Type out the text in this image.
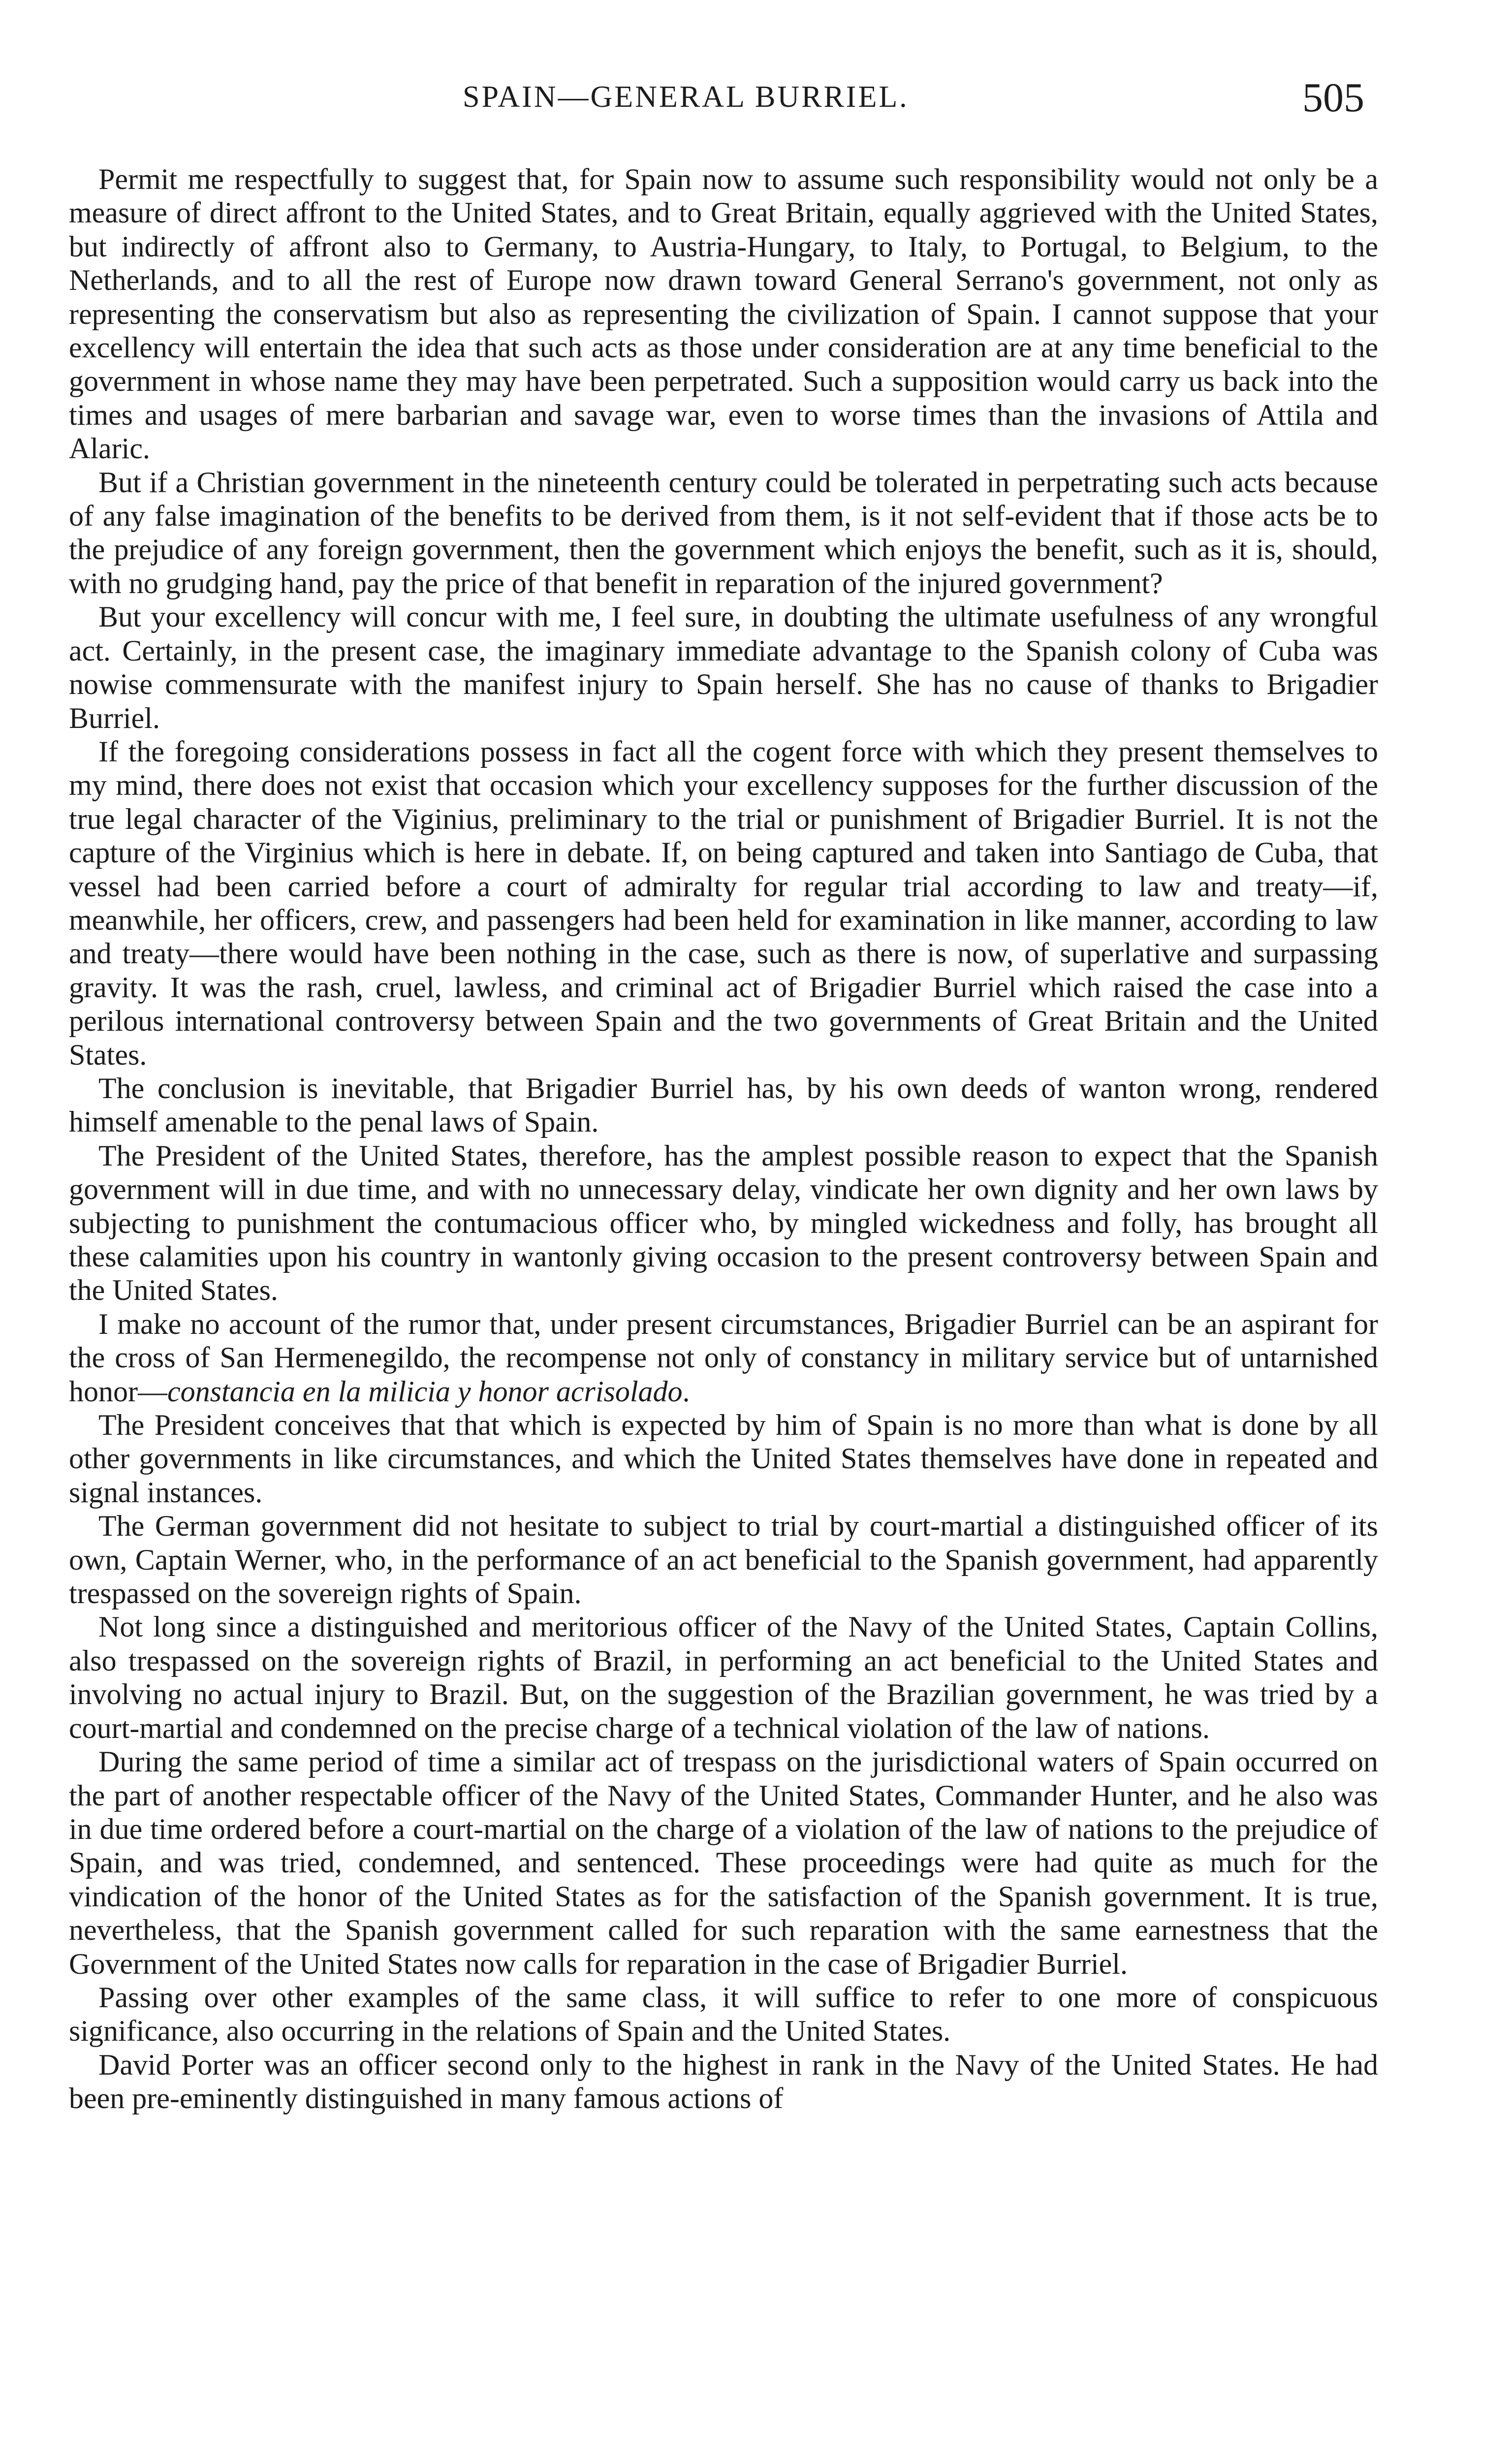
SPAIN—GENERAL BURRIEL.	505

Permit me respectfully to suggest that, for Spain now to assume such responsibility would not only be a measure of direct affront to the United States, and to Great Britain, equally aggrieved with the United States, but indirectly of affront also to Germany, to Austria-Hungary, to Italy, to Portugal, to Belgium, to the Netherlands, and to all the rest of Europe now drawn toward General Serrano's government, not only as representing the conservatism but also as representing the civilization of Spain. I cannot suppose that your excellency will entertain the idea that such acts as those under consideration are at any time beneficial to the government in whose name they may have been perpetrated. Such a supposition would carry us back into the times and usages of mere barbarian and savage war, even to worse times than the invasions of Attila and Alaric.

But if a Christian government in the nineteenth century could be tolerated in perpetrating such acts because of any false imagination of the benefits to be derived from them, is it not self-evident that if those acts be to the prejudice of any foreign government, then the government which enjoys the benefit, such as it is, should, with no grudging hand, pay the price of that benefit in reparation of the injured government?

But your excellency will concur with me, I feel sure, in doubting the ultimate usefulness of any wrongful act. Certainly, in the present case, the imaginary immediate advantage to the Spanish colony of Cuba was nowise commensurate with the manifest injury to Spain herself. She has no cause of thanks to Brigadier Burriel.

If the foregoing considerations possess in fact all the cogent force with which they present themselves to my mind, there does not exist that occasion which your excellency supposes for the further discussion of the true legal character of the Viginius, preliminary to the trial or punishment of Brigadier Burriel. It is not the capture of the Virginius which is here in debate. If, on being captured and taken into Santiago de Cuba, that vessel had been carried before a court of admiralty for regular trial according to law and treaty—if, meanwhile, her officers, crew, and passengers had been held for examination in like manner, according to law and treaty—there would have been nothing in the case, such as there is now, of superlative and surpassing gravity. It was the rash, cruel, lawless, and criminal act of Brigadier Burriel which raised the case into a perilous international controversy between Spain and the two governments of Great Britain and the United States.

The conclusion is inevitable, that Brigadier Burriel has, by his own deeds of wanton wrong, rendered himself amenable to the penal laws of Spain.

The President of the United States, therefore, has the amplest possible reason to expect that the Spanish government will in due time, and with no unnecessary delay, vindicate her own dignity and her own laws by subjecting to punishment the contumacious officer who, by mingled wickedness and folly, has brought all these calamities upon his country in wantonly giving occasion to the present controversy between Spain and the United States.

I make no account of the rumor that, under present circumstances, Brigadier Burriel can be an aspirant for the cross of San Hermenegildo, the recompense not only of constancy in military service but of untarnished honor—constancia en la milicia y honor acrisolado.

The President conceives that that which is expected by him of Spain is no more than what is done by all other governments in like circumstances, and which the United States themselves have done in repeated and signal instances.

The German government did not hesitate to subject to trial by court-martial a distinguished officer of its own, Captain Werner, who, in the performance of an act beneficial to the Spanish government, had apparently trespassed on the sovereign rights of Spain.

Not long since a distinguished and meritorious officer of the Navy of the United States, Captain Collins, also trespassed on the sovereign rights of Brazil, in performing an act beneficial to the United States and involving no actual injury to Brazil. But, on the suggestion of the Brazilian government, he was tried by a court-martial and condemned on the precise charge of a technical violation of the law of nations.

During the same period of time a similar act of trespass on the jurisdictional waters of Spain occurred on the part of another respectable officer of the Navy of the United States, Commander Hunter, and he also was in due time ordered before a court-martial on the charge of a violation of the law of nations to the prejudice of Spain, and was tried, condemned, and sentenced. These proceedings were had quite as much for the vindication of the honor of the United States as for the satisfaction of the Spanish government. It is true, nevertheless, that the Spanish government called for such reparation with the same earnestness that the Government of the United States now calls for reparation in the case of Brigadier Burriel.

Passing over other examples of the same class, it will suffice to refer to one more of conspicuous significance, also occurring in the relations of Spain and the United States.

David Porter was an officer second only to the highest in rank in the Navy of the United States. He had been pre-eminently distinguished in many famous actions of
